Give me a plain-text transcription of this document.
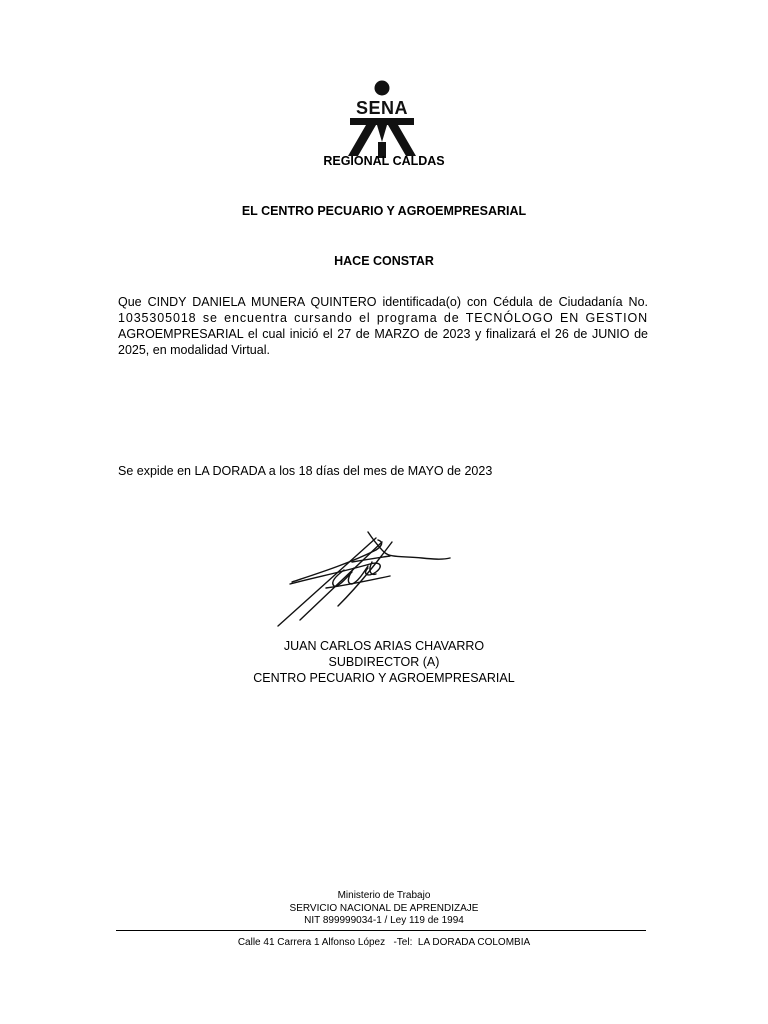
SENA
REGIONAL CALDAS
EL CENTRO PECUARIO Y AGROEMPRESARIAL
HACE CONSTAR
Que CINDY DANIELA MUNERA QUINTERO identificada(o) con Cédula de Ciudadanía No.
1035305018 se encuentra cursando el programa de TECNÓLOGO EN GESTION
AGROEMPRESARIAL el cual inició el 27 de MARZO de 2023 y finalizará el 26 de JUNIO de
2025, en modalidad Virtual.
Se expide en LA DORADA a los 18 días del mes de MAYO de 2023
JUAN CARLOS ARIAS CHAVARRO
SUBDIRECTOR (A)
CENTRO PECUARIO Y AGROEMPRESARIAL
Ministerio de Trabajo
SERVICIO NACIONAL DE APRENDIZAJE
NIT 899999034-1 / Ley 119 de 1994
Calle 41 Carrera 1 Alfonso López   -Tel:  LA DORADA COLOMBIA
